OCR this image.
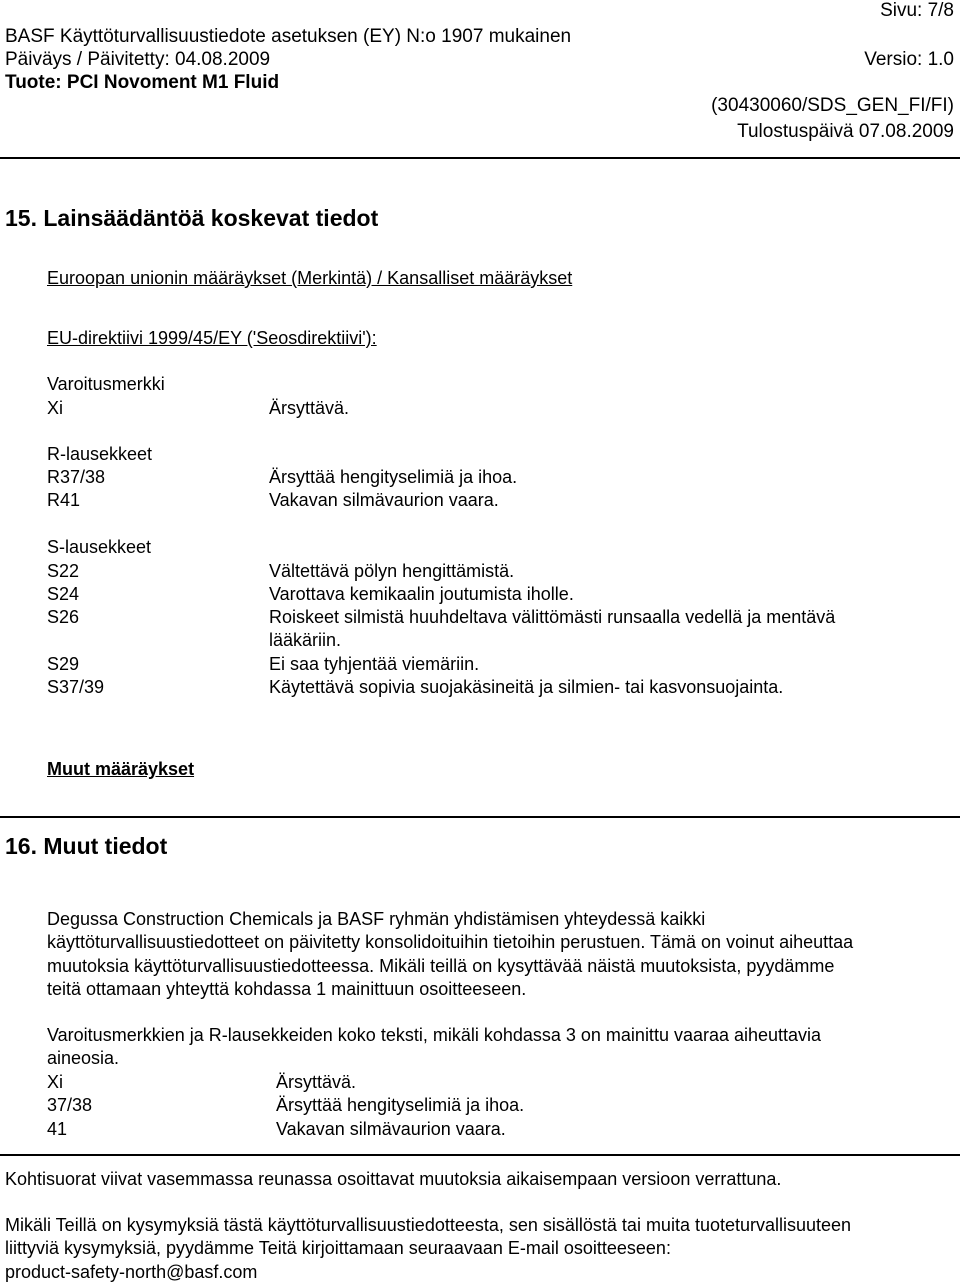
Sivu: 7/8
BASF Käyttöturvallisuustiedote asetuksen (EY) N:o 1907 mukainen
Päiväys / Päivitetty: 04.08.2009	Versio: 1.0
Tuote: PCI Novoment M1 Fluid
(30430060/SDS_GEN_FI/FI)
Tulostuspäivä 07.08.2009
15. Lainsäädäntöä koskevat tiedot
Euroopan unionin määräykset (Merkintä) / Kansalliset määräykset
EU-direktiivi 1999/45/EY ('Seosdirektiivi'):
Varoitusmerkki
Xi	Ärsyttävä.
R-lausekkeet
R37/38	Ärsyttää hengityselimiä ja ihoa.
R41	Vakavan silmävaurion vaara.
S-lausekkeet
S22	Vältettävä pölyn hengittämistä.
S24	Varottava kemikaalin joutumista iholle.
S26	Roiskeet silmistä huuhdeltava välittömästi runsaalla vedellä ja mentävä
lääkäriin.
S29	Ei saa tyhjentää viemäriin.
S37/39	Käytettävä sopivia suojakäsineitä ja silmien- tai kasvonsuojainta.
Muut määräykset
16. Muut tiedot
Degussa Construction Chemicals ja BASF ryhmän yhdistämisen yhteydessä kaikki
käyttöturvallisuustiedotteet on päivitetty konsolidoituihin tietoihin perustuen. Tämä on voinut aiheuttaa
muutoksia käyttöturvallisuustiedotteessa. Mikäli teillä on kysyttävää näistä muutoksista, pyydämme
teitä ottamaan yhteyttä kohdassa 1 mainittuun osoitteeseen.
Varoitusmerkkien ja R-lausekkeiden koko teksti, mikäli kohdassa 3 on mainittu vaaraa aiheuttavia
aineosia.
Xi	Ärsyttävä.
37/38	Ärsyttää hengityselimiä ja ihoa.
41	Vakavan silmävaurion vaara.
Kohtisuorat viivat vasemmassa reunassa osoittavat muutoksia aikaisempaan versioon verrattuna.
Mikäli Teillä on kysymyksiä tästä käyttöturvallisuustiedotteesta, sen sisällöstä tai muita tuoteturvallisuuteen
liittyviä kysymyksiä, pyydämme Teitä kirjoittamaan seuraavaan E-mail osoitteeseen:
product-safety-north@basf.com
